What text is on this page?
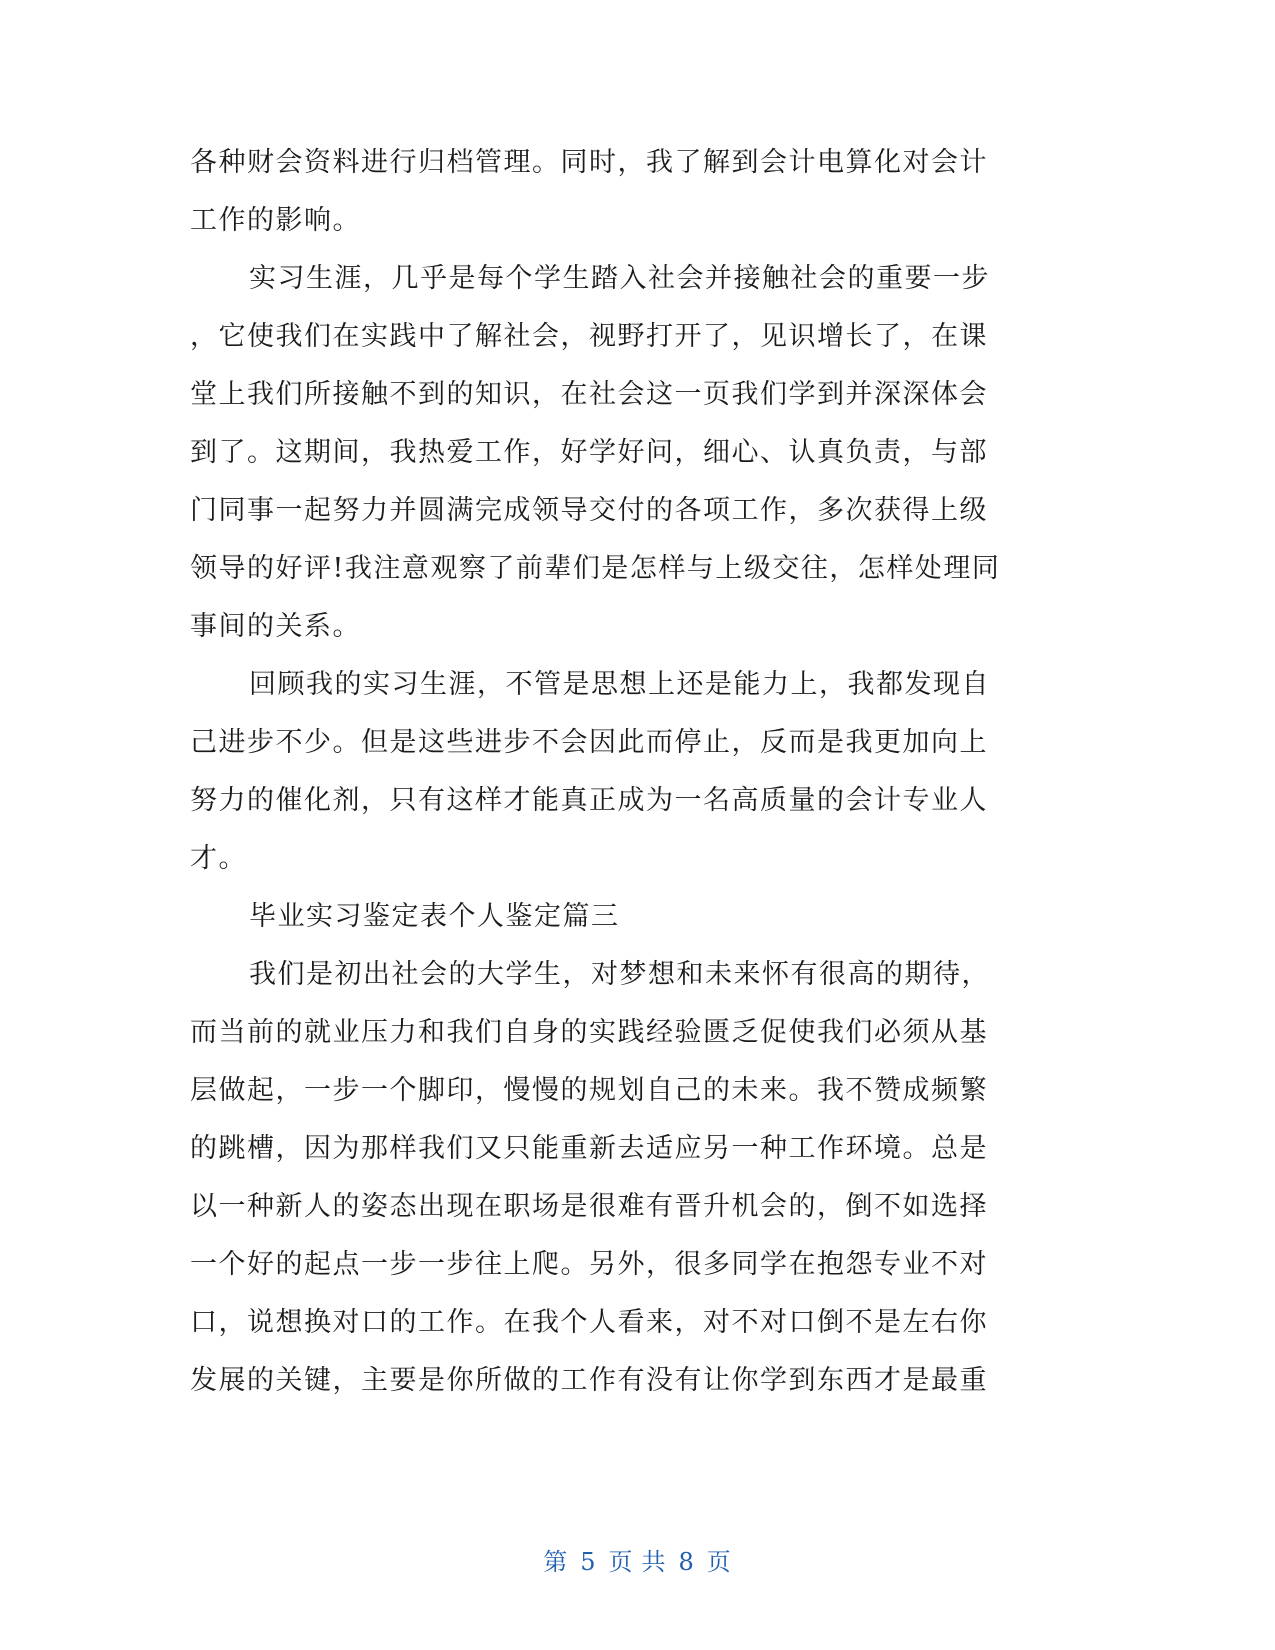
各种财会资料进行归档管理。同时，我了解到会计电算化对会计
工作的影响。
实习生涯，几乎是每个学生踏入社会并接触社会的重要一步
，它使我们在实践中了解社会，视野打开了，见识增长了，在课
堂上我们所接触不到的知识，在社会这一页我们学到并深深体会
到了。这期间，我热爱工作，好学好问，细心、认真负责，与部
门同事一起努力并圆满完成领导交付的各项工作，多次获得上级
领导的好评!我注意观察了前辈们是怎样与上级交往，怎样处理同
事间的关系。
回顾我的实习生涯，不管是思想上还是能力上，我都发现自
己进步不少。但是这些进步不会因此而停止，反而是我更加向上
努力的催化剂，只有这样才能真正成为一名高质量的会计专业人
才。
毕业实习鉴定表个人鉴定篇三
我们是初出社会的大学生，对梦想和未来怀有很高的期待，
而当前的就业压力和我们自身的实践经验匮乏促使我们必须从基
层做起，一步一个脚印，慢慢的规划自己的未来。我不赞成频繁
的跳槽，因为那样我们又只能重新去适应另一种工作环境。总是
以一种新人的姿态出现在职场是很难有晋升机会的，倒不如选择
一个好的起点一步一步往上爬。另外，很多同学在抱怨专业不对
口，说想换对口的工作。在我个人看来，对不对口倒不是左右你
发展的关键，主要是你所做的工作有没有让你学到东西才是最重
第 5 页 共 8 页
